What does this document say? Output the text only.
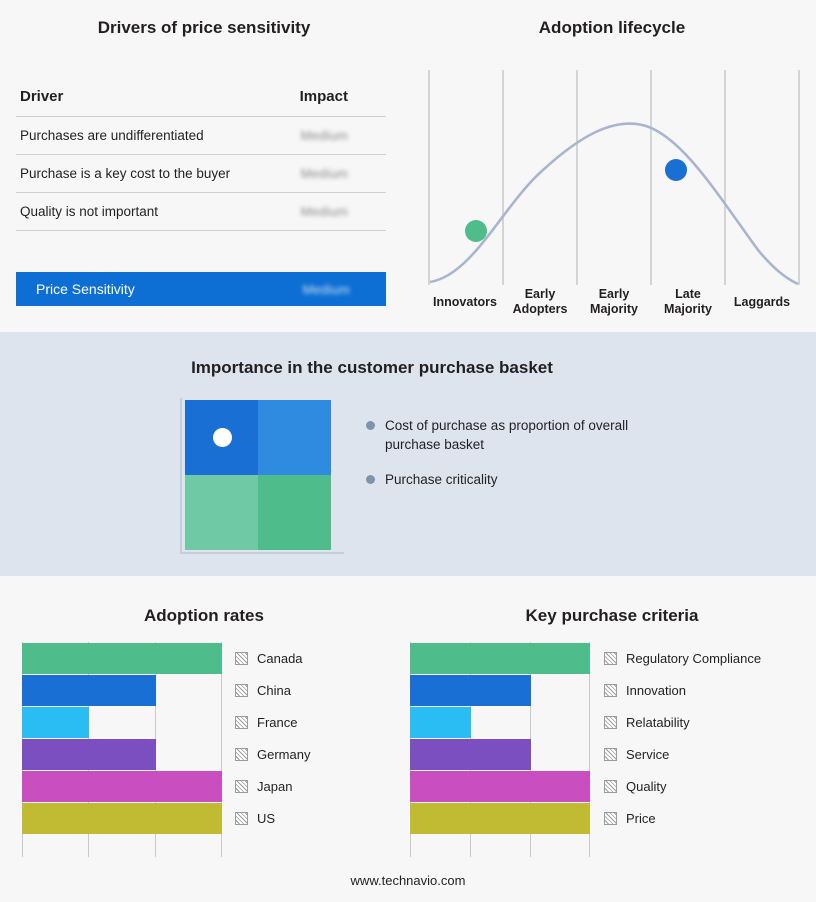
Drivers of price sensitivity
Driver	Impact
Purchases are undifferentiated	Medium
Purchase is a key cost to the buyer	Medium
Quality is not important	Medium
Price Sensitivity	Medium
Adoption lifecycle
Innovators
Early
Adopters
Early
Majority
Late
Majority	Laggards
Importance in the customer purchase basket
Cost of purchase as proportion of overall purchase basket
Purchase criticality
Adoption rates
Canada
China
France
Germany
Japan
US
Key purchase criteria
Regulatory Compliance
Innovation
Relatability
Service
Quality
Price
www.technavio.com
